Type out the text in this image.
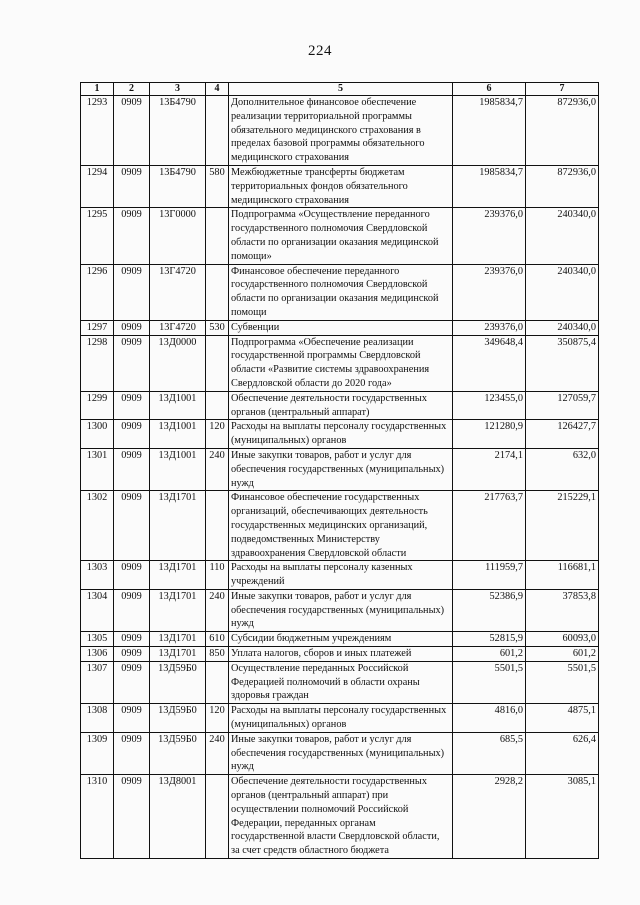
224
1	2	3	4	5	6	7
1293	0909	13Б4790		Дополнительное финансовое обеспечение реализации территориальной программы обязательного медицинского страхования в пределах базовой программы обязательного медицинского страхования	1985834,7	872936,0
1294	0909	13Б4790	580	Межбюджетные трансферты бюджетам территориальных фондов обязательного медицинского страхования	1985834,7	872936,0
1295	0909	13Г0000		Подпрограмма «Осуществление переданного государственного полномочия Свердловской области по организации оказания медицинской помощи»	239376,0	240340,0
1296	0909	13Г4720		Финансовое обеспечение переданного государственного полномочия Свердловской области по организации оказания медицинской помощи	239376,0	240340,0
1297	0909	13Г4720	530	Субвенции	239376,0	240340,0
1298	0909	13Д0000		Подпрограмма «Обеспечение реализации государственной программы Свердловской области «Развитие системы здравоохранения Свердловской области до 2020 года»	349648,4	350875,4
1299	0909	13Д1001		Обеспечение деятельности государственных органов (центральный аппарат)	123455,0	127059,7
1300	0909	13Д1001	120	Расходы на выплаты персоналу государственных (муниципальных) органов	121280,9	126427,7
1301	0909	13Д1001	240	Иные закупки товаров, работ и услуг для обеспечения государственных (муниципальных) нужд	2174,1	632,0
1302	0909	13Д1701		Финансовое обеспечение государственных организаций, обеспечивающих деятельность государственных медицинских организаций, подведомственных Министерству здравоохранения Свердловской области	217763,7	215229,1
1303	0909	13Д1701	110	Расходы на выплаты персоналу казенных учреждений	111959,7	116681,1
1304	0909	13Д1701	240	Иные закупки товаров, работ и услуг для обеспечения государственных (муниципальных) нужд	52386,9	37853,8
1305	0909	13Д1701	610	Субсидии бюджетным учреждениям	52815,9	60093,0
1306	0909	13Д1701	850	Уплата налогов, сборов и иных платежей	601,2	601,2
1307	0909	13Д59Б0		Осуществление переданных Российской Федерацией полномочий в области охраны здоровья граждан	5501,5	5501,5
1308	0909	13Д59Б0	120	Расходы на выплаты персоналу государственных (муниципальных) органов	4816,0	4875,1
1309	0909	13Д59Б0	240	Иные закупки товаров, работ и услуг для обеспечения государственных (муниципальных) нужд	685,5	626,4
1310	0909	13Д8001		Обеспечение деятельности государственных органов (центральный аппарат) при осуществлении полномочий Российской Федерации, переданных органам государственной власти Свердловской области, за счет средств областного бюджета	2928,2	3085,1
